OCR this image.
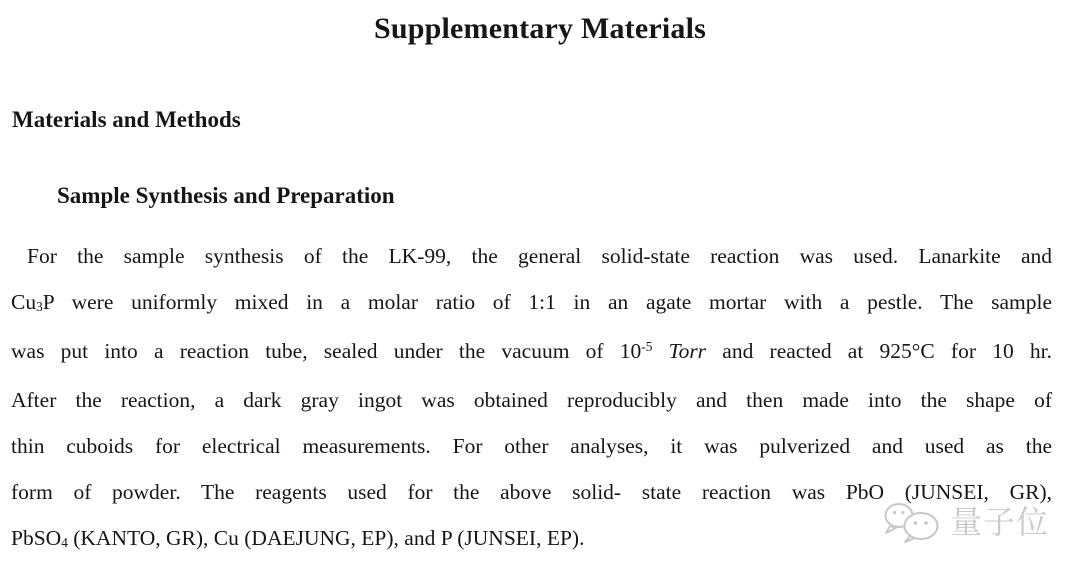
Supplementary Materials
Materials and Methods
Sample Synthesis and Preparation
For the sample synthesis of the LK-99, the general solid-state reaction was used. Lanarkite and
$Cu_3P$ were uniformly mixed in a molar ratio of 1:1 in an agate mortar with a pestle. The sample
was put into a reaction tube, sealed under the vacuum of $10^{-5}$ Torr and reacted at 925°C for 10 hr.
After the reaction, a dark gray ingot was obtained reproducibly and then made into the shape of
thin cuboids for electrical measurements. For other analyses, it was pulverized and used as the
form of powder. The reagents used for the above solid- state reaction was PbO (JUNSEI, GR),
PbSO$_4$ (KANTO, GR), Cu (DAEJUNG, EP), and P (JUNSEI, EP).	量子位
